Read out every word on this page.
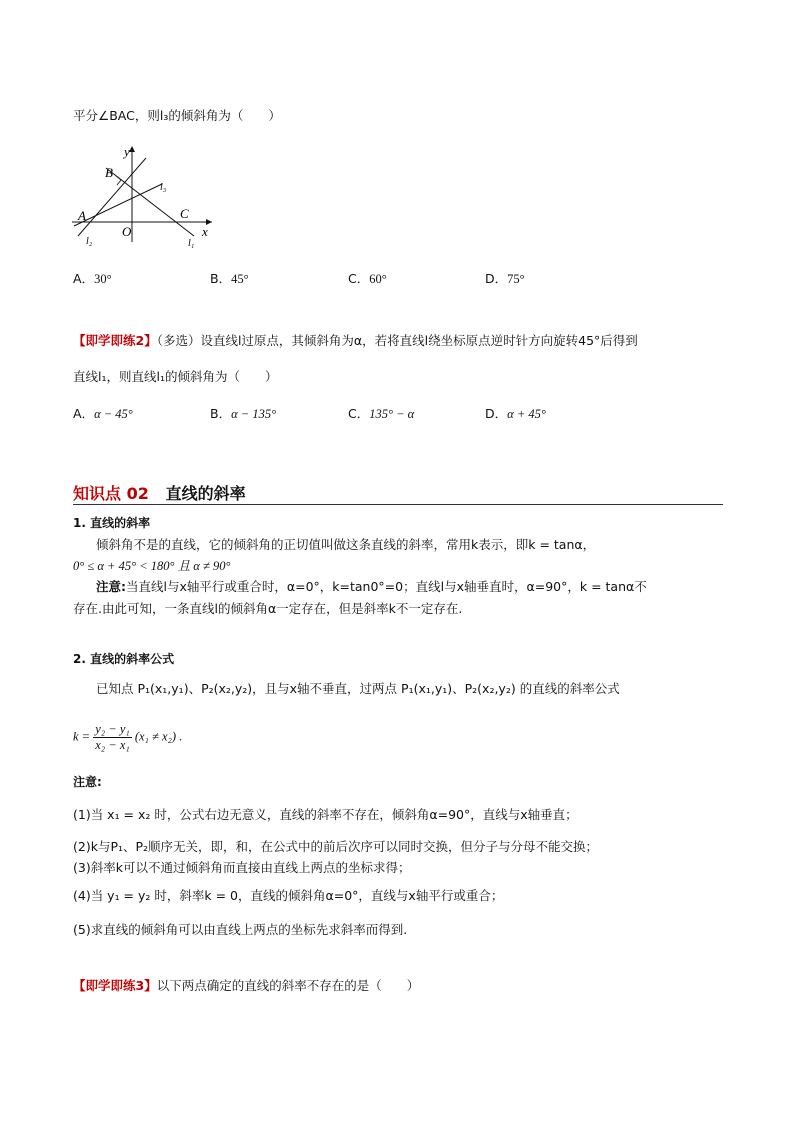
平分∠BAC，则l₃的倾斜角为（　　）
y
x
B
A
O
C
l₃
l₂	l₁
A．30°	B．45°	C．60°	D．75°
【即学即练2】（多选）设直线l过原点，其倾斜角为α，若将直线l绕坐标原点逆时针方向旋转45°后得到
直线l₁，则直线l₁的倾斜角为（　　）
A．α − 45°	B．α − 135°	C．135° − α	D．α + 45°
知识点 02 直线的斜率
1. 直线的斜率
倾斜角不是的直线，它的倾斜角的正切值叫做这条直线的斜率，常用k表示，即k = tanα，
0° ≤ α + 45° < 180° 且 α ≠ 90°
注意:当直线l与x轴平行或重合时，α=0°，k=tan0°=0；直线l与x轴垂直时，α=90°，k = tanα不
存在.由此可知，一条直线l的倾斜角α一定存在，但是斜率k不一定存在.
2. 直线的斜率公式
已知点 P₁(x₁,y₁)、P₂(x₂,y₂)，且与x轴不垂直，过两点 P₁(x₁,y₁)、P₂(x₂,y₂) 的直线的斜率公式
$k = \frac{\text{y₂ − y₁}}{\text{x₂ − x₁}} (x_1 \ne x_2)$ .
注意:
(1)当 x₁ = x₂ 时，公式右边无意义，直线的斜率不存在，倾斜角α=90°，直线与x轴垂直；
(2)k与P₁、P₂顺序无关，即，和，在公式中的前后次序可以同时交换，但分子与分母不能交换；
(3)斜率k可以不通过倾斜角而直接由直线上两点的坐标求得；
(4)当 y₁ = y₂ 时，斜率k = 0，直线的倾斜角α=0°，直线与x轴平行或重合；
(5)求直线的倾斜角可以由直线上两点的坐标先求斜率而得到.
【即学即练3】以下两点确定的直线的斜率不存在的是（　　）
